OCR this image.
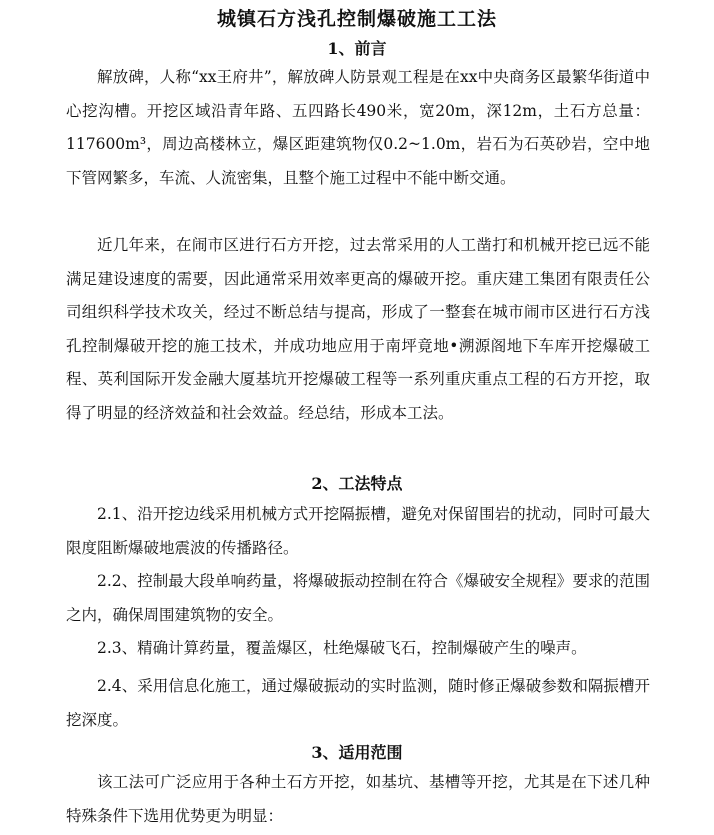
城镇石方浅孔控制爆破施工工法
1、前言

解放碑，人称“xx王府井”，解放碑人防景观工程是在xx中央商务区最繁华街道中心挖沟槽。开挖区域沿青年路、五四路长490米，宽20m，深12m，土石方总量：117600m³，周边高楼林立，爆区距建筑物仅0.2~1.0m，岩石为石英砂岩，空中地下管网繁多，车流、人流密集，且整个施工过程中不能中断交通。

近几年来，在闹市区进行石方开挖，过去常采用的人工凿打和机械开挖已远不能满足建设速度的需要，因此通常采用效率更高的爆破开挖。重庆建工集团有限责任公司组织科学技术攻关，经过不断总结与提高，形成了一整套在城市闹市区进行石方浅孔控制爆破开挖的施工技术，并成功地应用于南坪竟地•溯源阁地下车库开挖爆破工程、英利国际开发金融大厦基坑开挖爆破工程等一系列重庆重点工程的石方开挖，取得了明显的经济效益和社会效益。经总结，形成本工法。

2、工法特点

2.1、沿开挖边线采用机械方式开挖隔振槽，避免对保留围岩的扰动，同时可最大限度阻断爆破地震波的传播路径。

2.2、控制最大段单响药量，将爆破振动控制在符合《爆破安全规程》要求的范围之内，确保周围建筑物的安全。

2.3、精确计算药量，覆盖爆区，杜绝爆破飞石，控制爆破产生的噪声。

2.4、采用信息化施工，通过爆破振动的实时监测，随时修正爆破参数和隔振槽开挖深度。

3、适用范围

该工法可广泛应用于各种土石方开挖，如基坑、基槽等开挖，尤其是在下述几种特殊条件下选用优势更为明显：
